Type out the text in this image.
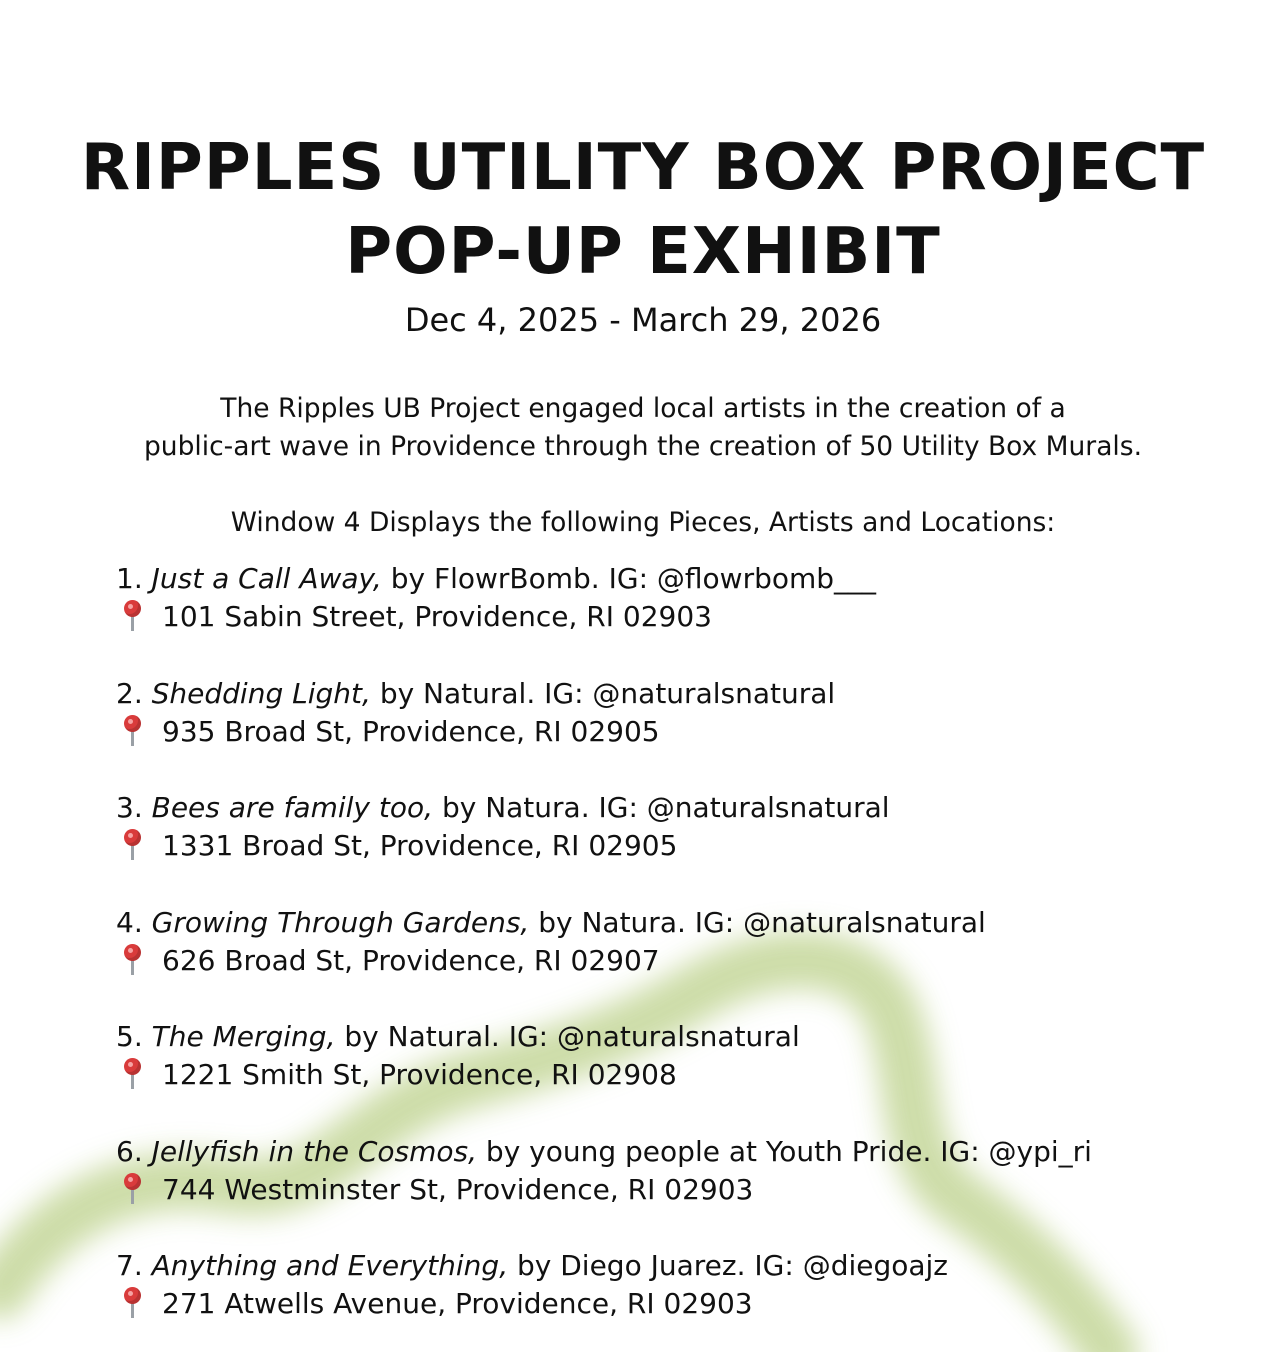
RIPPLES UTILITY BOX PROJECT
POP-UP EXHIBIT
Dec 4, 2025 - March 29, 2026
The Ripples UB Project engaged local artists in the creation of a
public-art wave in Providence through the creation of 50 Utility Box Murals.
Window 4 Displays the following Pieces, Artists and Locations:
1. Just a Call Away, by FlowrBomb. IG: @flowrbomb___
101 Sabin Street, Providence, RI 02903
2. Shedding Light, by Natural. IG: @naturalsnatural
935 Broad St, Providence, RI 02905
3. Bees are family too, by Natura. IG: @naturalsnatural
1331 Broad St, Providence, RI 02905
4. Growing Through Gardens, by Natura. IG: @naturalsnatural
626 Broad St, Providence, RI 02907
5. The Merging, by Natural. IG: @naturalsnatural
1221 Smith St, Providence, RI 02908
6. Jellyfish in the Cosmos, by young people at Youth Pride. IG: @ypi_ri
744 Westminster St, Providence, RI 02903
7. Anything and Everything, by Diego Juarez. IG: @diegoajz
271 Atwells Avenue, Providence, RI 02903
